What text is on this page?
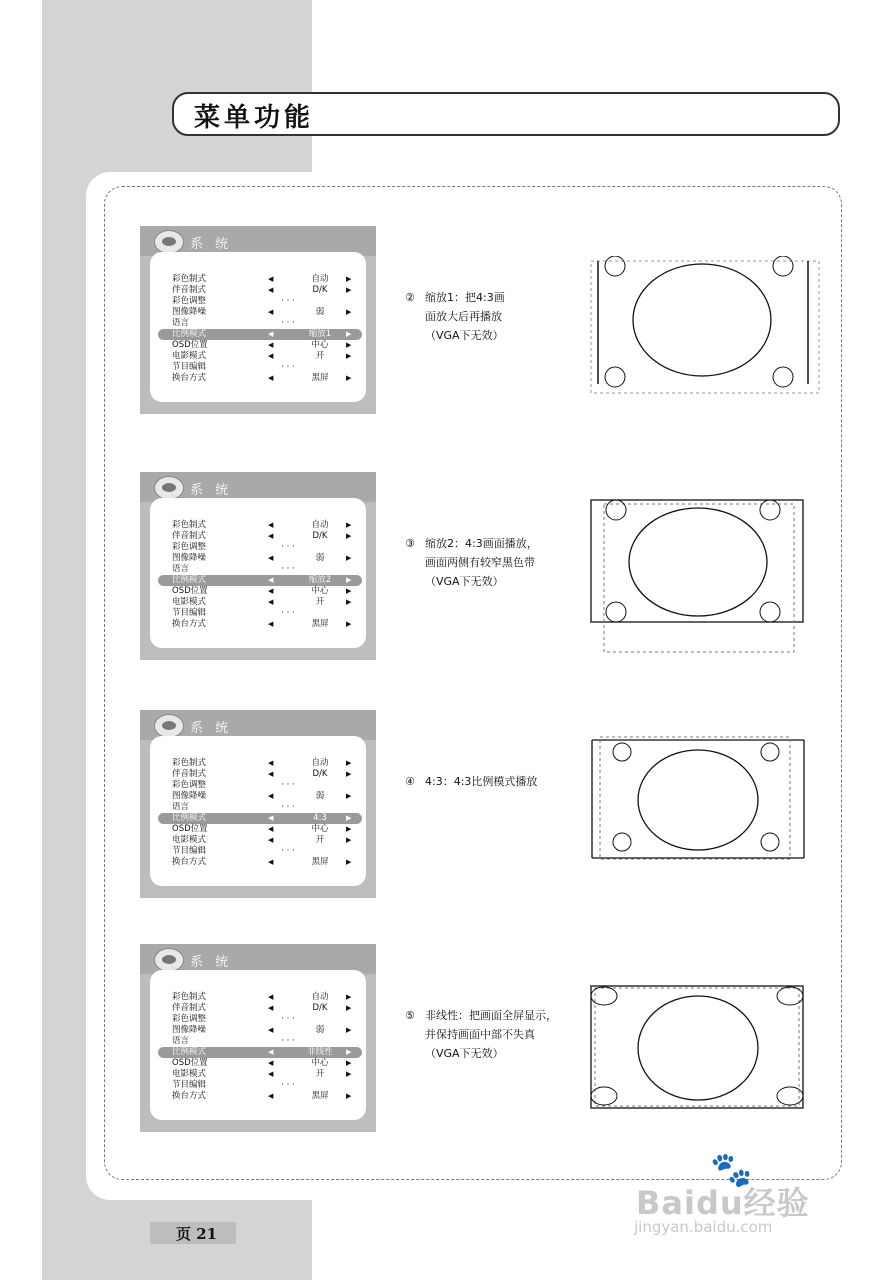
菜单功能
系 统
彩色制式	◀	自动	▶
伴音制式	◀	D/K	▶
彩色调整	· · ·
图像降噪	◀	弱	▶
语言	· · ·
比例模式	◀	缩放1	▶
OSD位置	◀	中心	▶
电影模式	◀	开	▶
节目编辑	· · ·
换台方式	◀	黑屏	▶
② 缩放1：把4:3画
面放大后再播放
（VGA下无效）
系 统
彩色制式	◀	自动	▶
伴音制式	◀	D/K	▶
彩色调整	· · ·
图像降噪	◀	弱	▶
语言	· · ·
比例模式	◀	缩放2	▶
OSD位置	◀	中心	▶
电影模式	◀	开	▶
节目编辑	· · ·
换台方式	◀	黑屏	▶
③ 缩放2：4:3画面播放，
画面两侧有较窄黑色带
（VGA下无效）
系 统
彩色制式	◀	自动	▶
伴音制式	◀	D/K	▶
彩色调整	· · ·
图像降噪	◀	弱	▶
语言	· · ·
比例模式	◀	4:3	▶
OSD位置	◀	中心	▶
电影模式	◀	开	▶
节目编辑	· · ·
换台方式	◀	黑屏	▶
④ 4:3：4:3比例模式播放
系 统
彩色制式	◀	自动	▶
伴音制式	◀	D/K	▶
彩色调整	· · ·
图像降噪	◀	弱	▶
语言	· · ·
比例模式	◀	非线性	▶
OSD位置	◀	中心	▶
电影模式	◀	开	▶
节目编辑	· · ·
换台方式	◀	黑屏	▶
⑤ 非线性：把画面全屏显示，
并保持画面中部不失真
（VGA下无效）
页 21
🐾
Baidu经验
jingyan.baidu.com
